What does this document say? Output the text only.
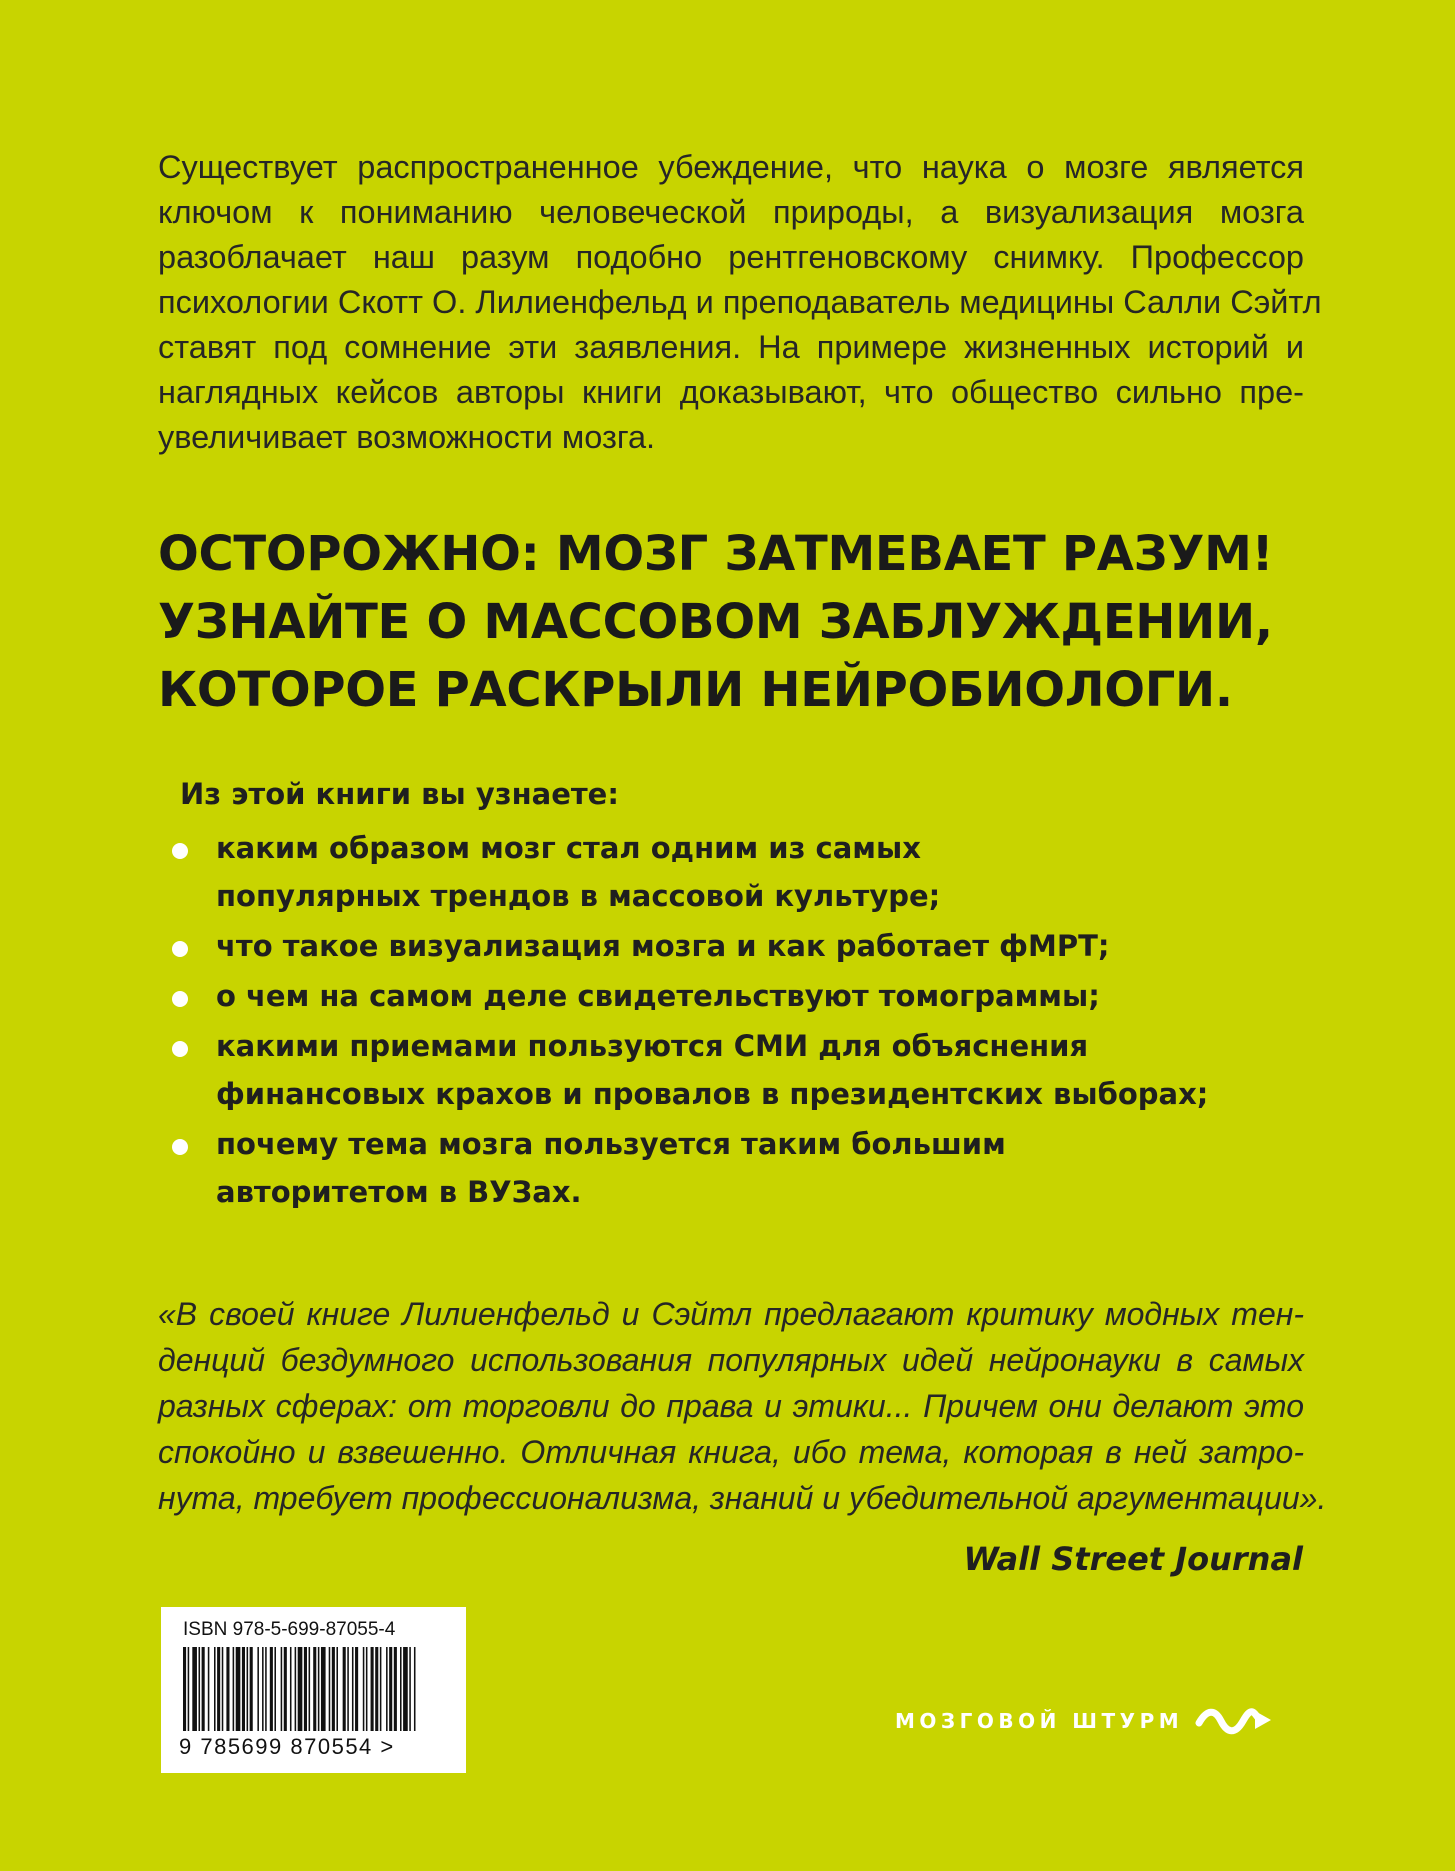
Существует распространенное убеждение, что наука о мозге является
ключом к пониманию человеческой природы, а визуализация мозга
разоблачает наш разум подобно рентгеновскому снимку. Профессор
психологии Скотт О. Лилиенфельд и преподаватель медицины Салли Сэйтл
ставят под сомнение эти заявления. На примере жизненных историй и
наглядных кейсов авторы книги доказывают, что общество сильно пре-
увеличивает возможности мозга.
ОСТОРОЖНО: МОЗГ ЗАТМЕВАЕТ РАЗУМ!
УЗНАЙТЕ О МАССОВОМ ЗАБЛУЖДЕНИИ,
КОТОРОЕ РАСКРЫЛИ НЕЙРОБИОЛОГИ.
Из этой книги вы узнаете:
каким образом мозг стал одним из самых
популярных трендов в массовой культуре;
что такое визуализация мозга и как работает фМРТ;
о чем на самом деле свидетельствуют томограммы;
какими приемами пользуются СМИ для объяснения
финансовых крахов и провалов в президентских выборах;
почему тема мозга пользуется таким большим
авторитетом в ВУЗах.
«В своей книге Лилиенфельд и Сэйтл предлагают критику модных тен-
денций бездумного использования популярных идей нейронауки в самых
разных сферах: от торговли до права и этики... Причем они делают это
спокойно и взвешенно. Отличная книга, ибо тема, которая в ней затро-
нута, требует профессионализма, знаний и убедительной аргументации».
Wall Street Journal
ISBN 978-5-699-87055-4
9 785699 870554 >
МОЗГОВОЙ ШТУРМ
